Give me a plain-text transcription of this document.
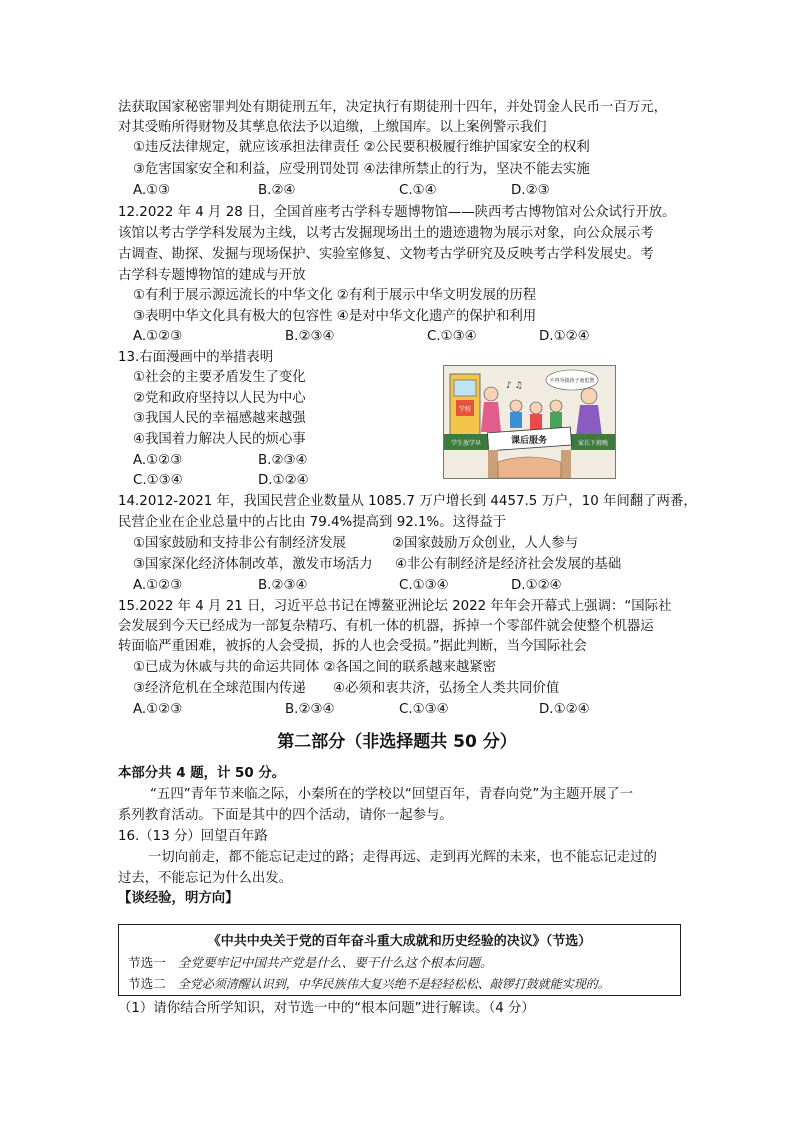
法获取国家秘密罪判处有期徒刑五年，决定执行有期徒刑十四年，并处罚金人民币一百万元，
对其受贿所得财物及其孳息依法予以追缴，上缴国库。以上案例警示我们
①违反法律规定，就应该承担法律责任 ②公民要积极履行维护国家安全的权利
③危害国家安全和利益，应受刑罚处罚 ④法律所禁止的行为，坚决不能去实施
A.①③	B.②④	C.①④	D.②③
12.2022 年 4 月 28 日，全国首座考古学科专题博物馆——陕西考古博物馆对公众试行开放。
该馆以考古学学科发展为主线，以考古发掘现场出土的遗迹遗物为展示对象，向公众展示考
古调查、勘探、发掘与现场保护、实验室修复、文物考古学研究及反映考古学科发展史。考
古学科专题博物馆的建成与开放
①有利于展示源远流长的中华文化 ②有利于展示中华文明发展的历程
③表明中华文化具有极大的包容性 ④是对中华文化遗产的保护和利用
A.①②③	B.②③④	C.①③④	D.①②④
13.右面漫画中的举措表明
①社会的主要矛盾发生了变化
②党和政府坚持以人民为中心
③我国人民的幸福感越来越强
④我国着力解决人民的烦心事
A.①②③	B.②③④
C.①③④	D.①②④
学校
不再为接孩子而犯愁
♪ ♫
学生放学早	家长下班晚
课后服务
14.2012-2021 年，我国民营企业数量从 1085.7 万户增长到 4457.5 万户，10 年间翻了两番，
民营企业在企业总量中的占比由 79.4%提高到 92.1%。这得益于
①国家鼓励和支持非公有制经济发展	②国家鼓励万众创业，人人参与
③国家深化经济体制改革，激发市场活力 ④非公有制经济是经济社会发展的基础
A.①②③	B.②③④	C.①③④	D.①②④
15.2022 年 4 月 21 日，习近平总书记在博鳌亚洲论坛 2022 年年会开幕式上强调：“国际社
会发展到今天已经成为一部复杂精巧、有机一体的机器，拆掉一个零部件就会使整个机器运
转面临严重困难，被拆的人会受损，拆的人也会受损。”据此判断，当今国际社会
①已成为休戚与共的命运共同体 ②各国之间的联系越来越紧密
③经济危机在全球范围内传递 ④必须和衷共济，弘扬全人类共同价值
A.①②③	B.②③④	C.①③④	D.①②④
第二部分（非选择题共 50 分）
本部分共 4 题，计 50 分。
“五四”青年节来临之际，小秦所在的学校以“回望百年，青春向党”为主题开展了一
系列教育活动。下面是其中的四个活动，请你一起参与。
16.（13 分）回望百年路
一切向前走，都不能忘记走过的路；走得再远、走到再光辉的未来，也不能忘记走过的
过去，不能忘记为什么出发。
【谈经验，明方向】
《中共中央关于党的百年奋斗重大成就和历史经验的决议》（节选）
节选一 全党要牢记中国共产党是什么、要干什么这个根本问题。
节选二 全党必须清醒认识到，中华民族伟大复兴绝不是轻轻松松、敲锣打鼓就能实现的。
（1）请你结合所学知识，对节选一中的“根本问题”进行解读。（4 分）
